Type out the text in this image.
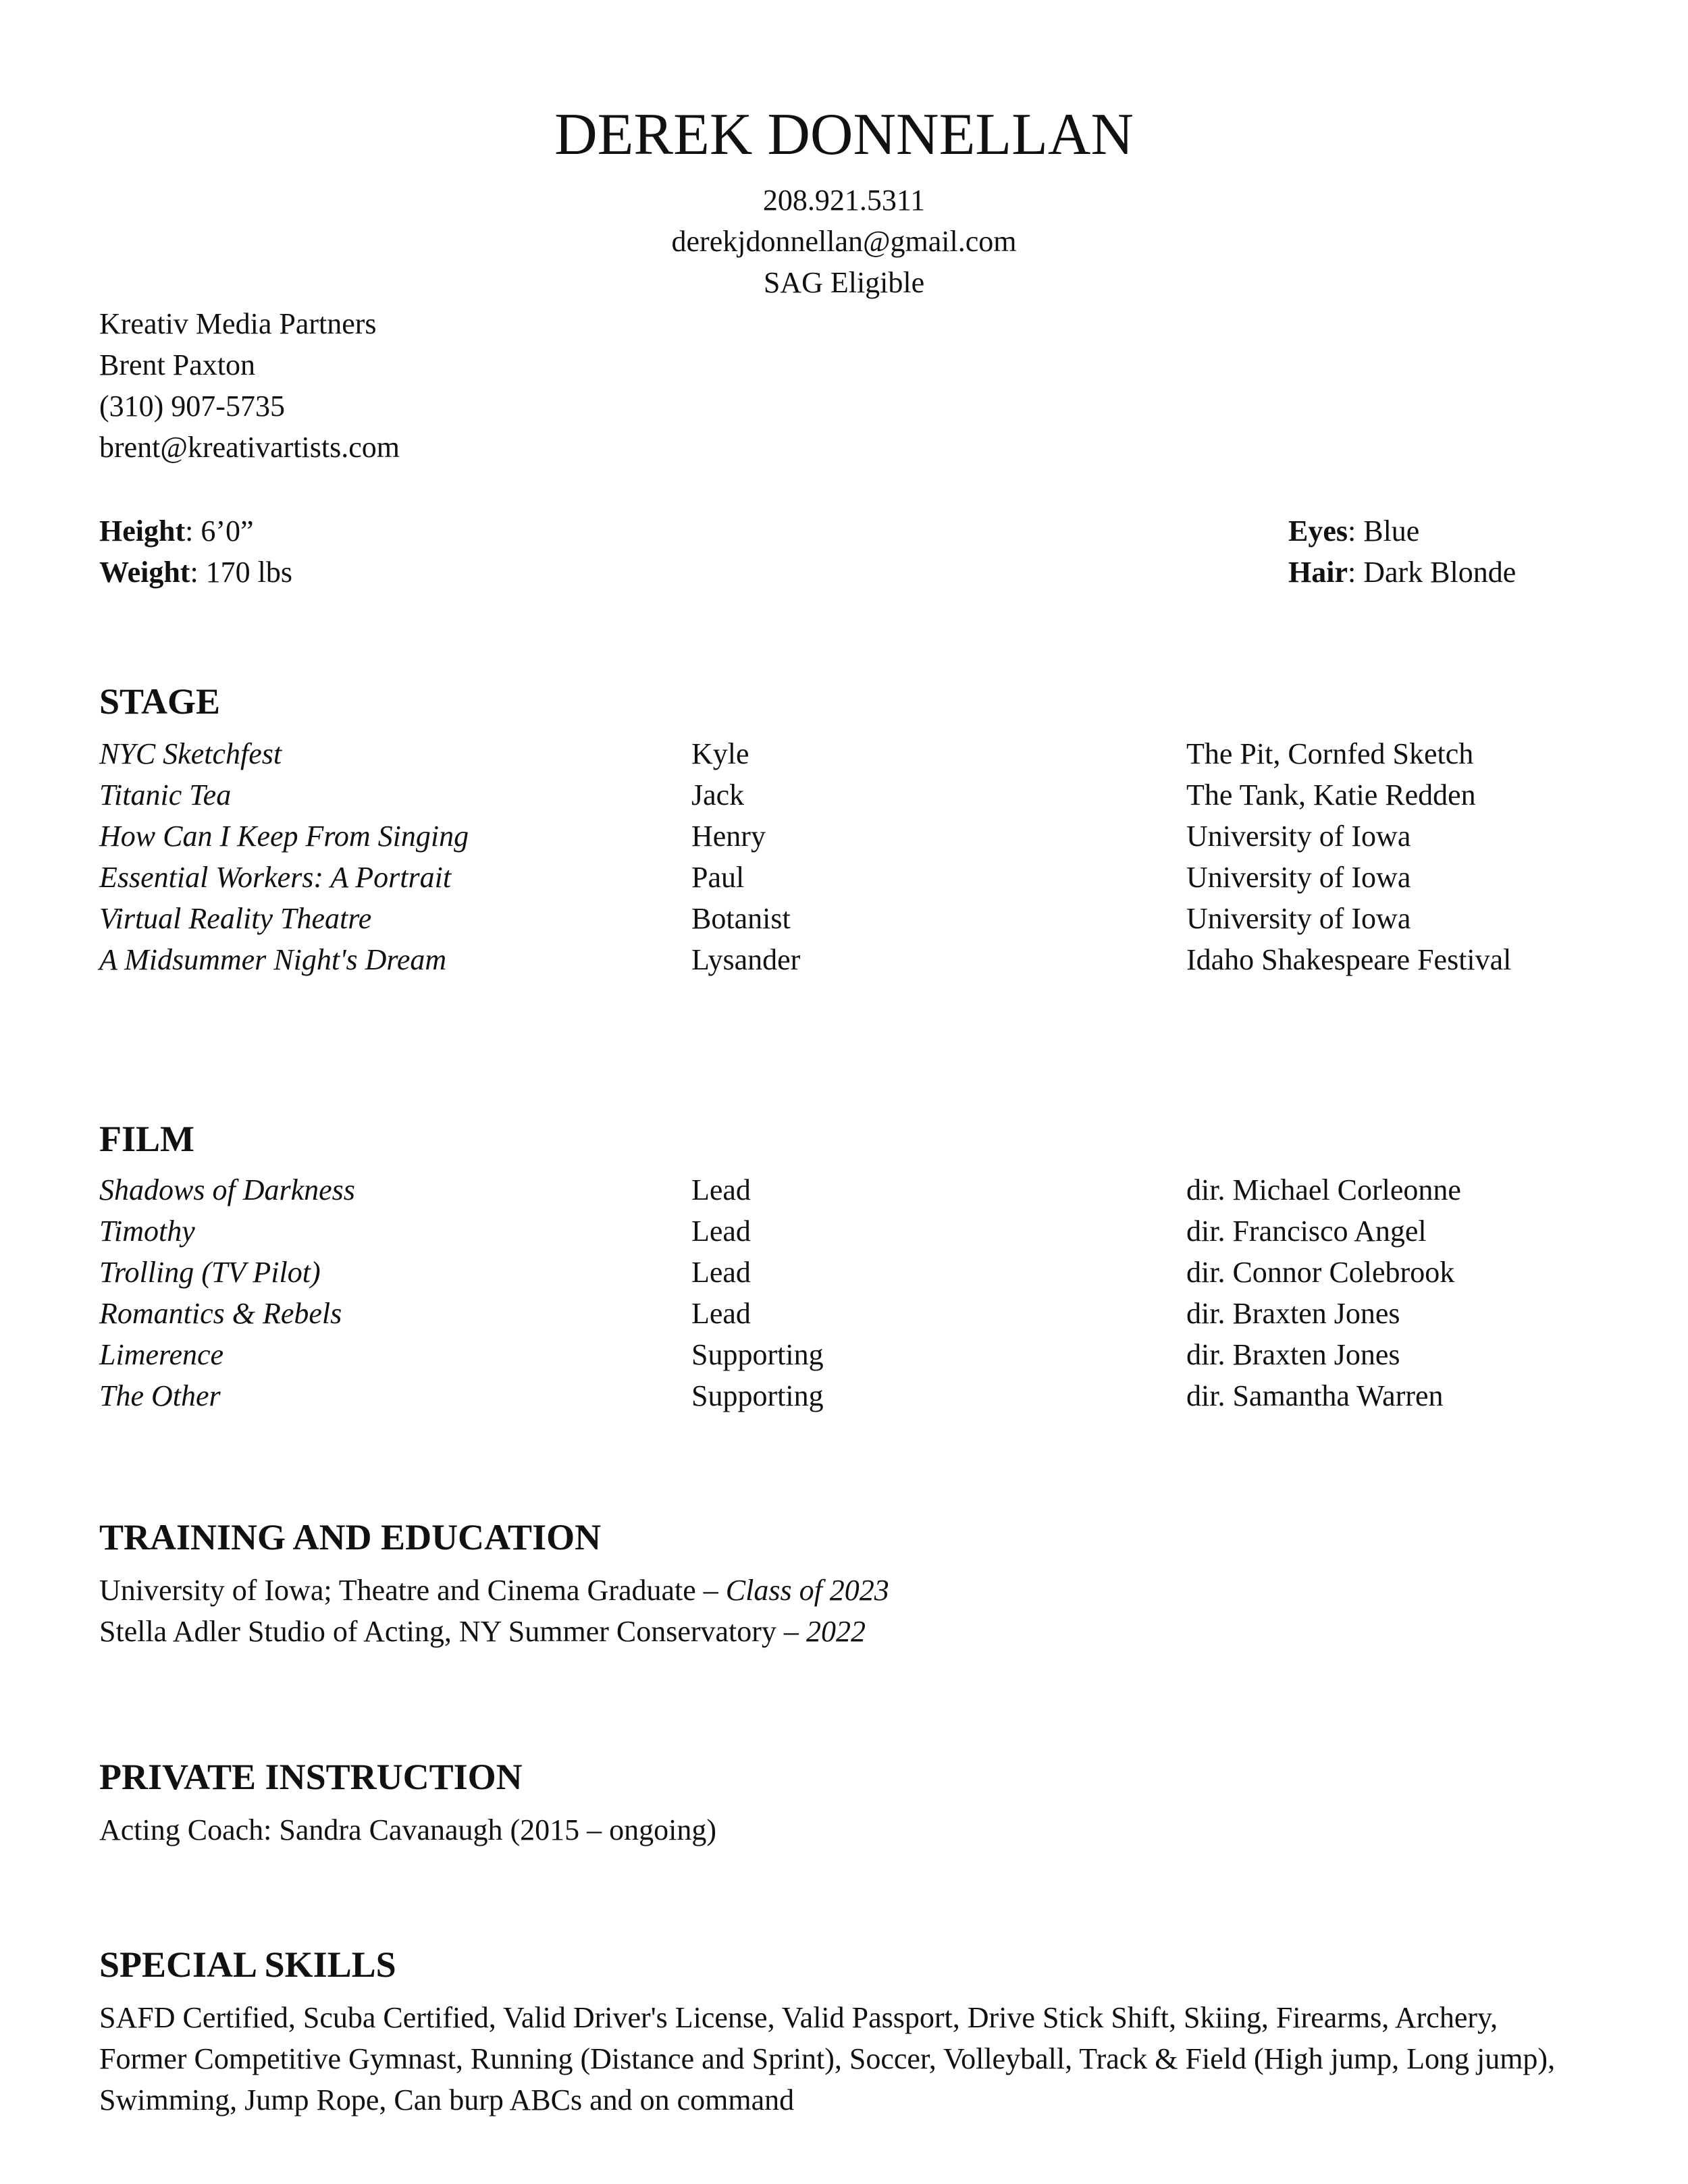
DEREK DONNELLAN
208.921.5311
derekjdonnellan@gmail.com
SAG Eligible
Kreativ Media Partners
Brent Paxton
(310) 907-5735
brent@kreativartists.com
Height: 6’0”
Weight: 170 lbs
Eyes: Blue
Hair: Dark Blonde
STAGE
NYC Sketchfest	Kyle	The Pit, Cornfed Sketch
Titanic Tea	Jack	The Tank, Katie Redden
How Can I Keep From Singing	Henry	University of Iowa
Essential Workers: A Portrait	Paul	University of Iowa
Virtual Reality Theatre	Botanist	University of Iowa
A Midsummer Night's Dream	Lysander	Idaho Shakespeare Festival
FILM
Shadows of Darkness	Lead	dir. Michael Corleonne
Timothy	Lead	dir. Francisco Angel
Trolling (TV Pilot)	Lead	dir. Connor Colebrook
Romantics & Rebels	Lead	dir. Braxten Jones
Limerence	Supporting	dir. Braxten Jones
The Other	Supporting	dir. Samantha Warren
TRAINING AND EDUCATION
University of Iowa; Theatre and Cinema Graduate – Class of 2023
Stella Adler Studio of Acting, NY Summer Conservatory – 2022
PRIVATE INSTRUCTION
Acting Coach: Sandra Cavanaugh (2015 – ongoing)
SPECIAL SKILLS
SAFD Certified, Scuba Certified, Valid Driver's License, Valid Passport, Drive Stick Shift, Skiing, Firearms, Archery,
Former Competitive Gymnast, Running (Distance and Sprint), Soccer, Volleyball, Track & Field (High jump, Long jump),
Swimming, Jump Rope, Can burp ABCs and on command
